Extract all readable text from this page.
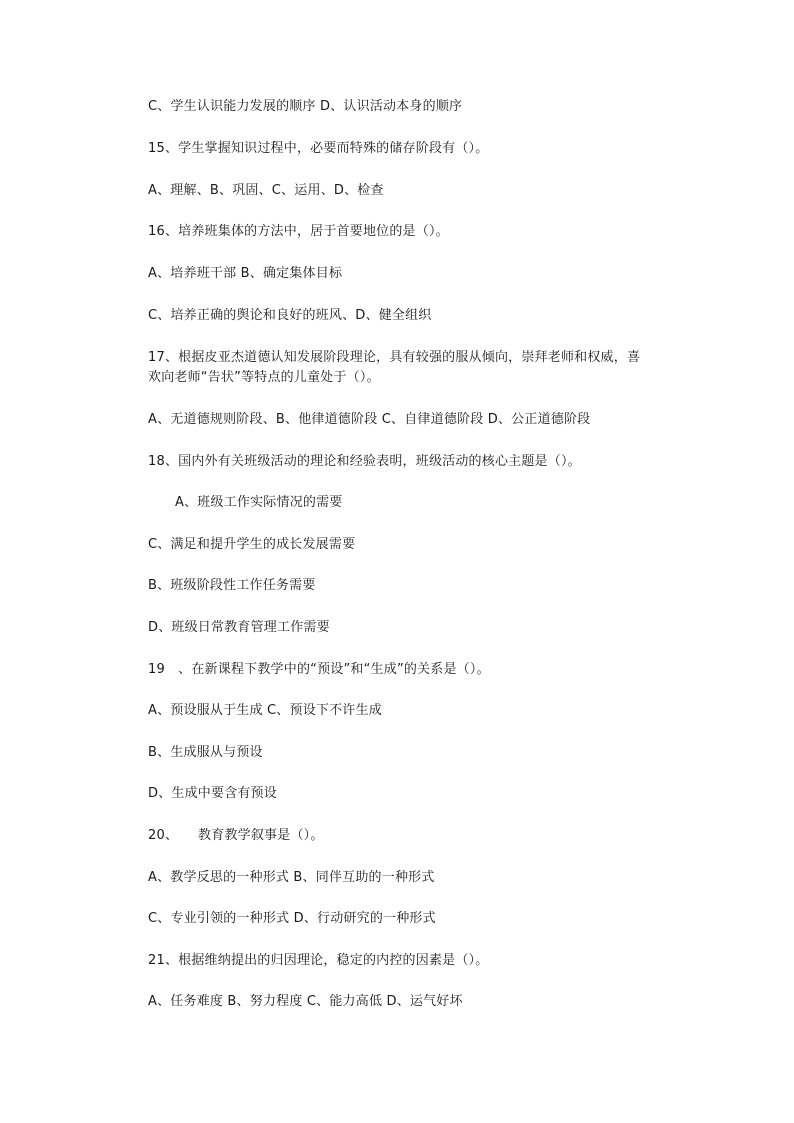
C、学生认识能力发展的顺序 D、认识活动本身的顺序
15、学生掌握知识过程中，必要而特殊的储存阶段有（）。
A、理解、B、巩固、C、运用、D、检查
16、培养班集体的方法中，居于首要地位的是（）。
A、培养班干部 B、确定集体目标
C、培养正确的舆论和良好的班风、D、健全组织
17、根据皮亚杰道德认知发展阶段理论，具有较强的服从倾向，崇拜老师和权威，喜
欢向老师“告状”等特点的儿童处于（）。
A、无道德规则阶段、B、他律道德阶段 C、自律道德阶段 D、公正道德阶段
18、国内外有关班级活动的理论和经验表明，班级活动的核心主题是（）。
A、班级工作实际情况的需要
C、满足和提升学生的成长发展需要
B、班级阶段性工作任务需要
D、班级日常教育管理工作需要
19　、在新课程下教学中的“预设”和“生成”的关系是（）。
A、预设服从于生成 C、预设下不许生成
B、生成服从与预设
D、生成中要含有预设
20、　　教育教学叙事是（）。
A、教学反思的一种形式 B、同伴互助的一种形式
C、专业引领的一种形式 D、行动研究的一种形式
21、根据维纳提出的归因理论，稳定的内控的因素是（）。
A、任务难度 B、努力程度 C、能力高低 D、运气好坏
